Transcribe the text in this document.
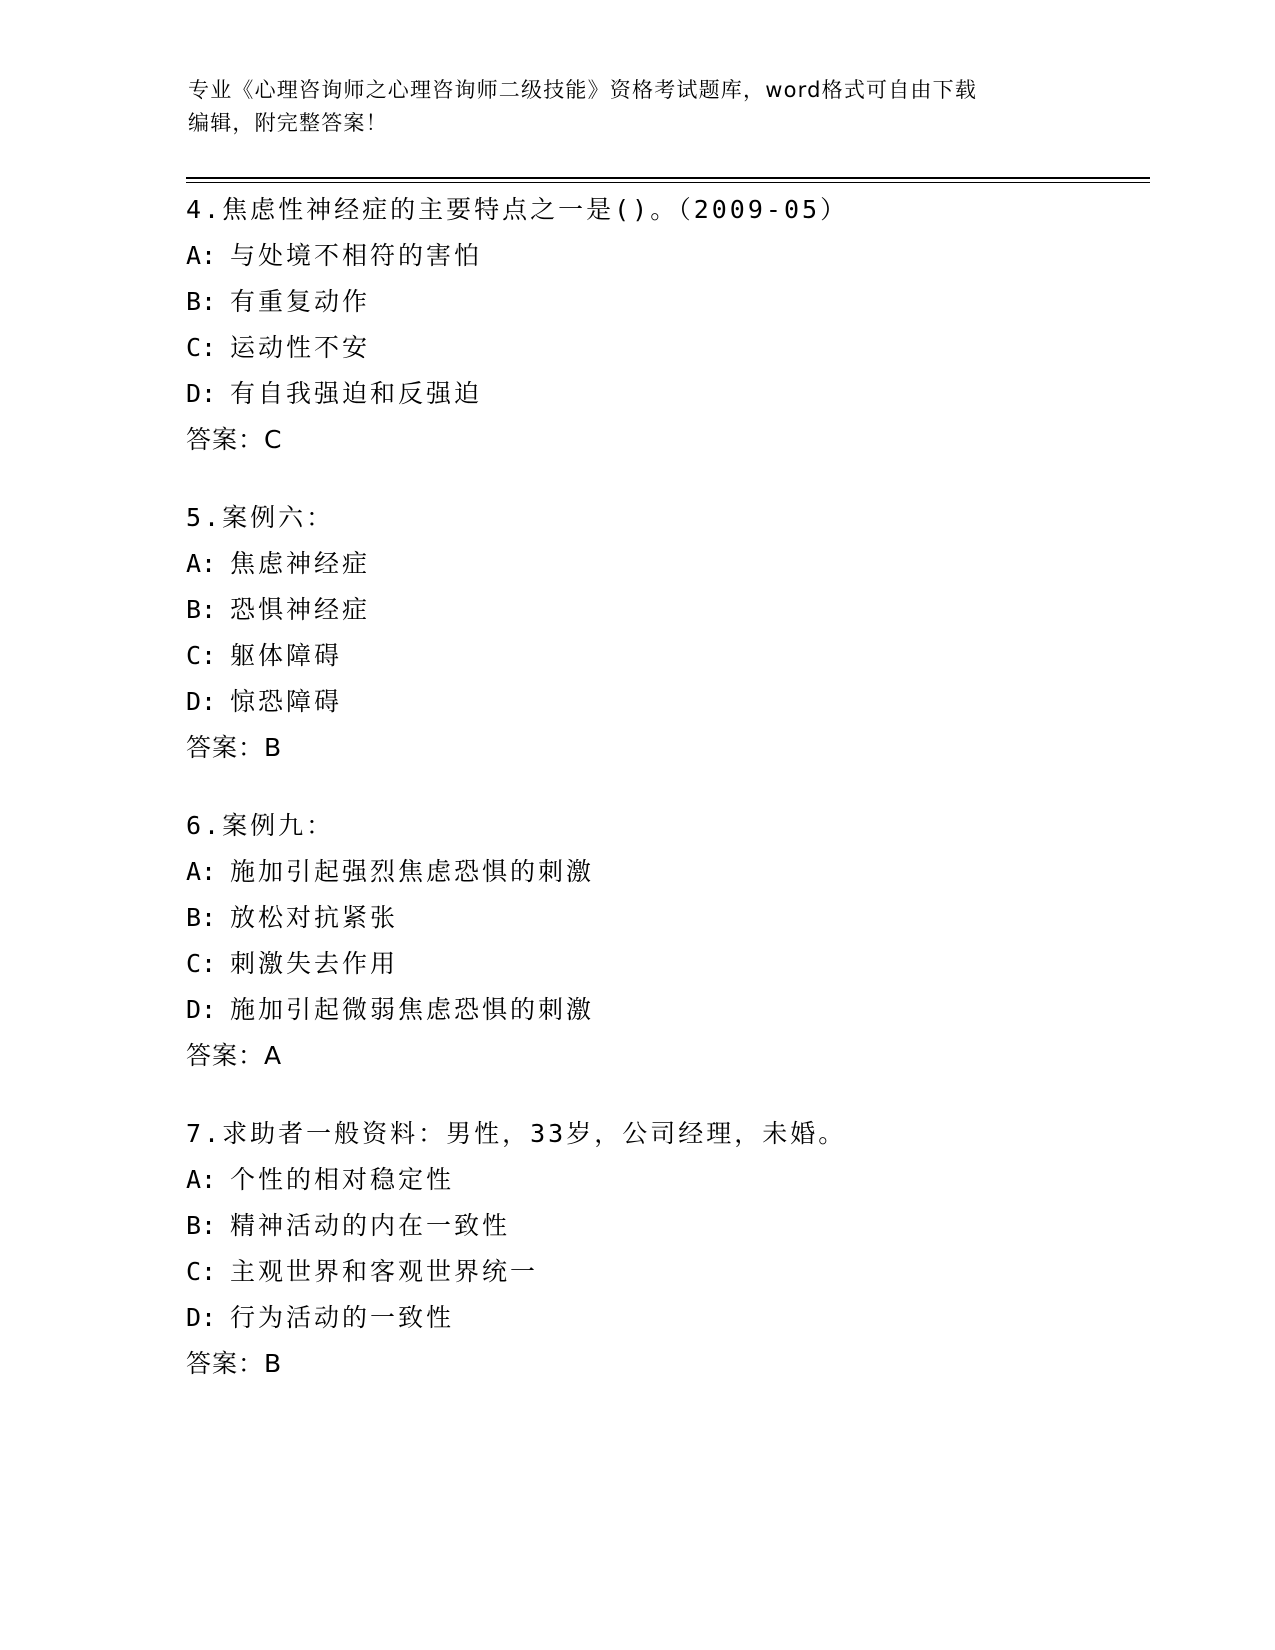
专业《心理咨询师之心理咨询师二级技能》资格考试题库，word格式可自由下载
编辑，附完整答案！
4.焦虑性神经症的主要特点之一是()。（2009-05）
A: 与处境不相符的害怕
B: 有重复动作
C: 运动性不安
D: 有自我强迫和反强迫
答案：C
5.案例六：
A: 焦虑神经症
B: 恐惧神经症
C: 躯体障碍
D: 惊恐障碍
答案：B
6.案例九：
A: 施加引起强烈焦虑恐惧的刺激
B: 放松对抗紧张
C: 刺激失去作用
D: 施加引起微弱焦虑恐惧的刺激
答案：A
7.求助者一般资料：男性，33岁，公司经理，未婚。
A: 个性的相对稳定性
B: 精神活动的内在一致性
C: 主观世界和客观世界统一
D: 行为活动的一致性
答案：B
